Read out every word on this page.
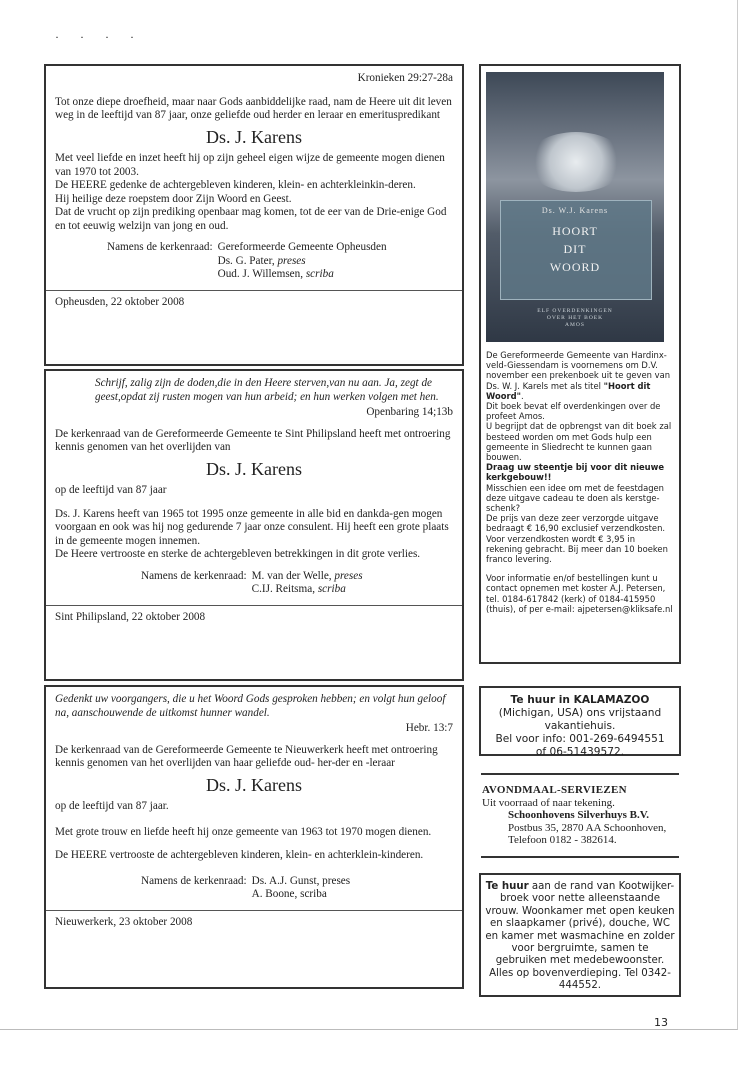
· · · ·

Kronieken 29:27-28a

Tot onze diepe droefheid, maar naar Gods aanbiddelijke raad, nam de Heere uit dit leven weg in de leeftijd van 87 jaar, onze geliefde oud herder en leraar en emerituspredikant

Ds. J. Karens

Met veel liefde en inzet heeft hij op zijn geheel eigen wijze de gemeente mogen dienen van 1970 tot 2003.

De HEERE gedenke de achtergebleven kinderen, klein- en achterkleinkin-deren.

Hij heilige deze roepstem door Zijn Woord en Geest.

Dat de vrucht op zijn prediking openbaar mag komen, tot de eer van de Drie-enige God en tot eeuwig welzijn van jong en oud.

Namens de kerkenraad: Gereformeerde Gemeente Opheusden
Ds. G. Pater, preses
Oud. J. Willemsen, scriba

Opheusden, 22 oktober 2008

Schrijf, zalig zijn de doden,die in den Heere sterven,van nu aan. Ja, zegt de geest,opdat zij rusten mogen van hun arbeid; en hun werken volgen met hen.

Openbaring 14;13b

De kerkenraad van de Gereformeerde Gemeente te Sint Philipsland heeft met ontroering kennis genomen van het overlijden van

Ds. J. Karens

op de leeftijd van 87 jaar

Ds. J. Karens heeft van 1965 tot 1995 onze gemeente in alle bid en dankda-gen mogen voorgaan en ook was hij nog gedurende 7 jaar onze consulent. Hij heeft een grote plaats in de gemeente mogen innemen.

De Heere vertrooste en sterke de achtergebleven betrekkingen in dit grote verlies.

Namens de kerkenraad: M. van der Welle, preses
C.IJ. Reitsma, scriba

Sint Philipsland, 22 oktober 2008

Gedenkt uw voorgangers, die u het Woord Gods gesproken hebben; en volgt hun geloof na, aanschouwende de uitkomst hunner wandel.

Hebr. 13:7

De kerkenraad van de Gereformeerde Gemeente te Nieuwerkerk heeft met ontroering kennis genomen van het overlijden van haar geliefde oud- her-der en -leraar

Ds. J. Karens

op de leeftijd van 87 jaar.

Met grote trouw en liefde heeft hij onze gemeente van 1963 tot 1970 mogen dienen.

De HEERE vertrooste de achtergebleven kinderen, klein- en achterklein-kinderen.

Namens de kerkenraad: Ds. A.J. Gunst, preses
A. Boone, scriba

Nieuwerkerk, 23 oktober 2008

Ds. W.J. Karens
HOORT
DIT
WOORD
ELF OVERDENKINGEN
OVER HET BOEK
AMOS

De Gereformeerde Gemeente van Hardinx-veld-Giessendam is voornemens om D.V. november een prekenboek uit te geven van Ds. W. J. Karels met als titel "Hoort dit Woord".

Dit boek bevat elf overdenkingen over de profeet Amos.

U begrijpt dat de opbrengst van dit boek zal besteed worden om met Gods hulp een gemeente in Sliedrecht te kunnen gaan bouwen.

Draag uw steentje bij voor dit nieuwe kerkgebouw!!

Misschien een idee om met de feestdagen deze uitgave cadeau te doen als kerstge-schenk?

De prijs van deze zeer verzorgde uitgave bedraagt € 16,90 exclusief verzendkosten. Voor verzendkosten wordt € 3,95 in rekening gebracht. Bij meer dan 10 boeken franco levering.

Voor informatie en/of bestellingen kunt u contact opnemen met koster A.J. Petersen, tel. 0184-617842 (kerk) of 0184-415950 (thuis), of per e-mail: ajpetersen@kliksafe.nl

Te huur in KALAMAZOO (Michigan, USA) ons vrijstaand vakantiehuis.
Bel voor info: 001-269-6494551
of 06-51439572.
AVONDMAAL-SERVIEZEN
Uit voorraad of naar tekening.
Schoonhovens Silverhuys B.V.
Postbus 35, 2870 AA Schoonhoven,
Telefoon 0182 - 382614.
Te huur aan de rand van Kootwijker-broek voor nette alleenstaande vrouw. Woonkamer met open keuken en slaapkamer (privé), douche, WC en kamer met wasmachine en zolder voor bergruimte, samen te gebruiken met medebewoonster. Alles op bovenverdieping. Tel 0342-444552.
13
